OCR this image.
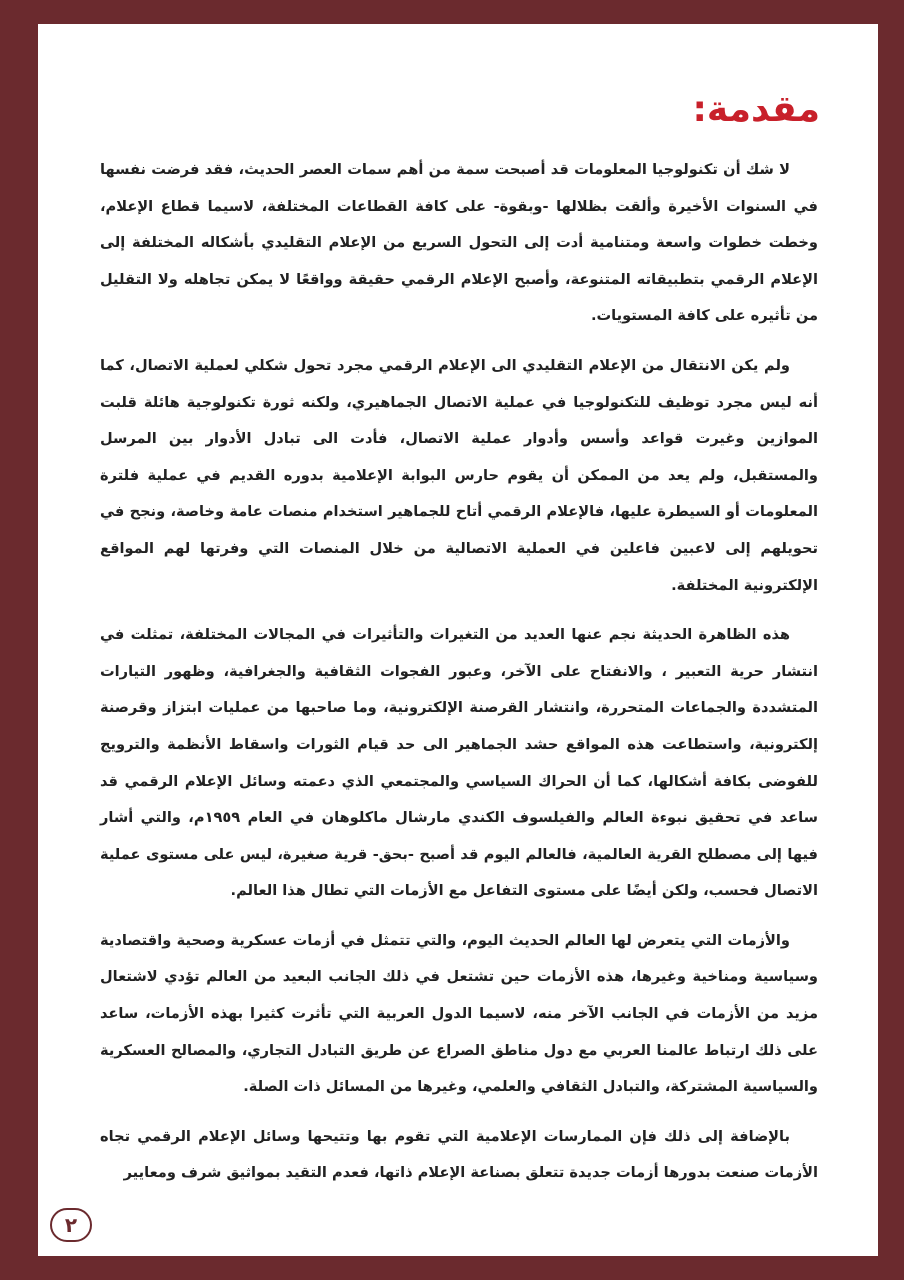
مقدمة:

لا شك أن تكنولوجيا المعلومات قد أصبحت سمة من أهم سمات العصر الحديث، فقد فرضت نفسها في السنوات الأخيرة وألقت بظلالها -وبقوة- على كافة القطاعات المختلفة، لاسيما قطاع الإعلام، وخطت خطوات واسعة ومتنامية أدت إلى التحول السريع من الإعلام التقليدي بأشكاله المختلفة إلى الإعلام الرقمي بتطبيقاته المتنوعة، وأصبح الإعلام الرقمي حقيقة وواقعًا لا يمكن تجاهله ولا التقليل من تأثيره على كافة المستويات.

ولم يكن الانتقال من الإعلام التقليدي الى الإعلام الرقمي مجرد تحول شكلي لعملية الاتصال، كما أنه ليس مجرد توظيف للتكنولوجيا في عملية الاتصال الجماهيري، ولكنه ثورة تكنولوجية هائلة قلبت الموازين وغيرت قواعد وأسس وأدوار عملية الاتصال، فأدت الى تبادل الأدوار بين المرسل والمستقبل، ولم يعد من الممكن أن يقوم حارس البوابة الإعلامية بدوره القديم في عملية فلترة المعلومات أو السيطرة عليها، فالإعلام الرقمي أتاح للجماهير استخدام منصات عامة وخاصة، ونجح في تحويلهم إلى لاعبين فاعلين في العملية الاتصالية من خلال المنصات التي وفرتها لهم المواقع الإلكترونية المختلفة.

هذه الظاهرة الحديثة نجم عنها العديد من التغيرات والتأثيرات في المجالات المختلفة، تمثلت في انتشار حرية التعبير ، والانفتاح على الآخر، وعبور الفجوات الثقافية والجغرافية، وظهور التيارات المتشددة والجماعات المتحررة، وانتشار القرصنة الإلكترونية، وما صاحبها من عمليات ابتزاز وقرصنة إلكترونية، واستطاعت هذه المواقع حشد الجماهير الى حد قيام الثورات واسقاط الأنظمة والترويج للفوضى بكافة أشكالها، كما أن الحراك السياسي والمجتمعي الذي دعمته وسائل الإعلام الرقمي قد ساعد في تحقيق نبوءة العالم والفيلسوف الكندي مارشال ماكلوهان في العام ١٩٥٩م، والتي أشار فيها إلى مصطلح القرية العالمية، فالعالم اليوم قد أصبح -بحق- قرية صغيرة، ليس على مستوى عملية الاتصال فحسب، ولكن أيضًا على مستوى التفاعل مع الأزمات التي تطال هذا العالم.

والأزمات التي يتعرض لها العالم الحديث اليوم، والتي تتمثل في أزمات عسكرية وصحية واقتصادية وسياسية ومناخية وغيرها، هذه الأزمات حين تشتعل في ذلك الجانب البعيد من العالم تؤدي لاشتعال مزيد من الأزمات في الجانب الآخر منه، لاسيما الدول العربية التي تأثرت كثيرا بهذه الأزمات، ساعد على ذلك ارتباط عالمنا العربي مع دول مناطق الصراع عن طريق التبادل التجاري، والمصالح العسكرية والسياسية المشتركة، والتبادل الثقافي والعلمي، وغيرها من المسائل ذات الصلة.

بالإضافة إلى ذلك فإن الممارسات الإعلامية التي تقوم بها وتتيحها وسائل الإعلام الرقمي تجاه الأزمات صنعت بدورها أزمات جديدة تتعلق بصناعة الإعلام ذاتها، فعدم التقيد بمواثيق شرف ومعايير

٢
